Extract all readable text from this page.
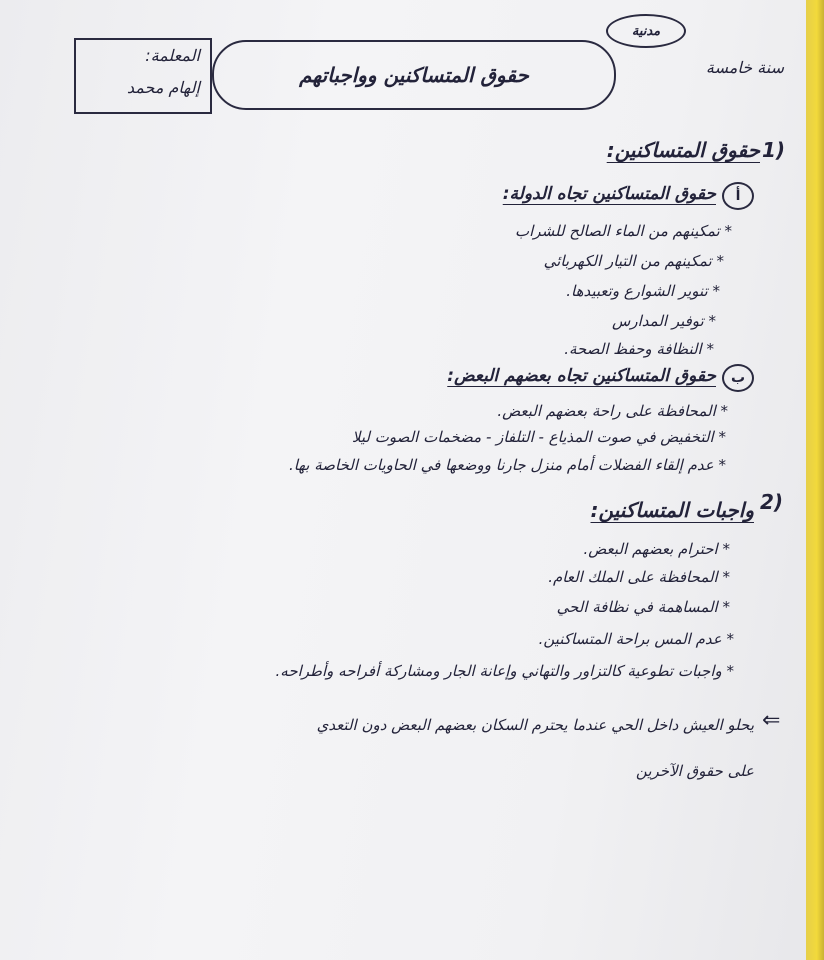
مدنية
سنة خامسة
حقوق المتساكنين وواجباتهم
المعلمة:
إلهام محمد
1)
حقوق المتساكنين:
أ
حقوق المتساكنين تجاه الدولة:
* تمكينهم من الماء الصالح للشراب
* تمكينهم من التيار الكهربائي
* تنوير الشوارع وتعبيدها.
* توفير المدارس
* النظافة وحفظ الصحة.
ب
حقوق المتساكنين تجاه بعضهم البعض:
* المحافظة على راحة بعضهم البعض.
* التخفيض في صوت المذياع - التلفاز - مضخمات الصوت ليلا
* عدم إلقاء الفضلات أمام منزل جارنا ووضعها في الحاويات الخاصة بها.
2)
واجبات المتساكنين:
* احترام بعضهم البعض.
* المحافظة على الملك العام.
* المساهمة في نظافة الحي
* عدم المس براحة المتساكنين.
* واجبات تطوعية كالتزاور والتهاني وإعانة الجار ومشاركة أفراحه وأطراحه.
⇐
يحلو العيش داخل الحي عندما يحترم السكان بعضهم البعض دون التعدي
على حقوق الآخرين
